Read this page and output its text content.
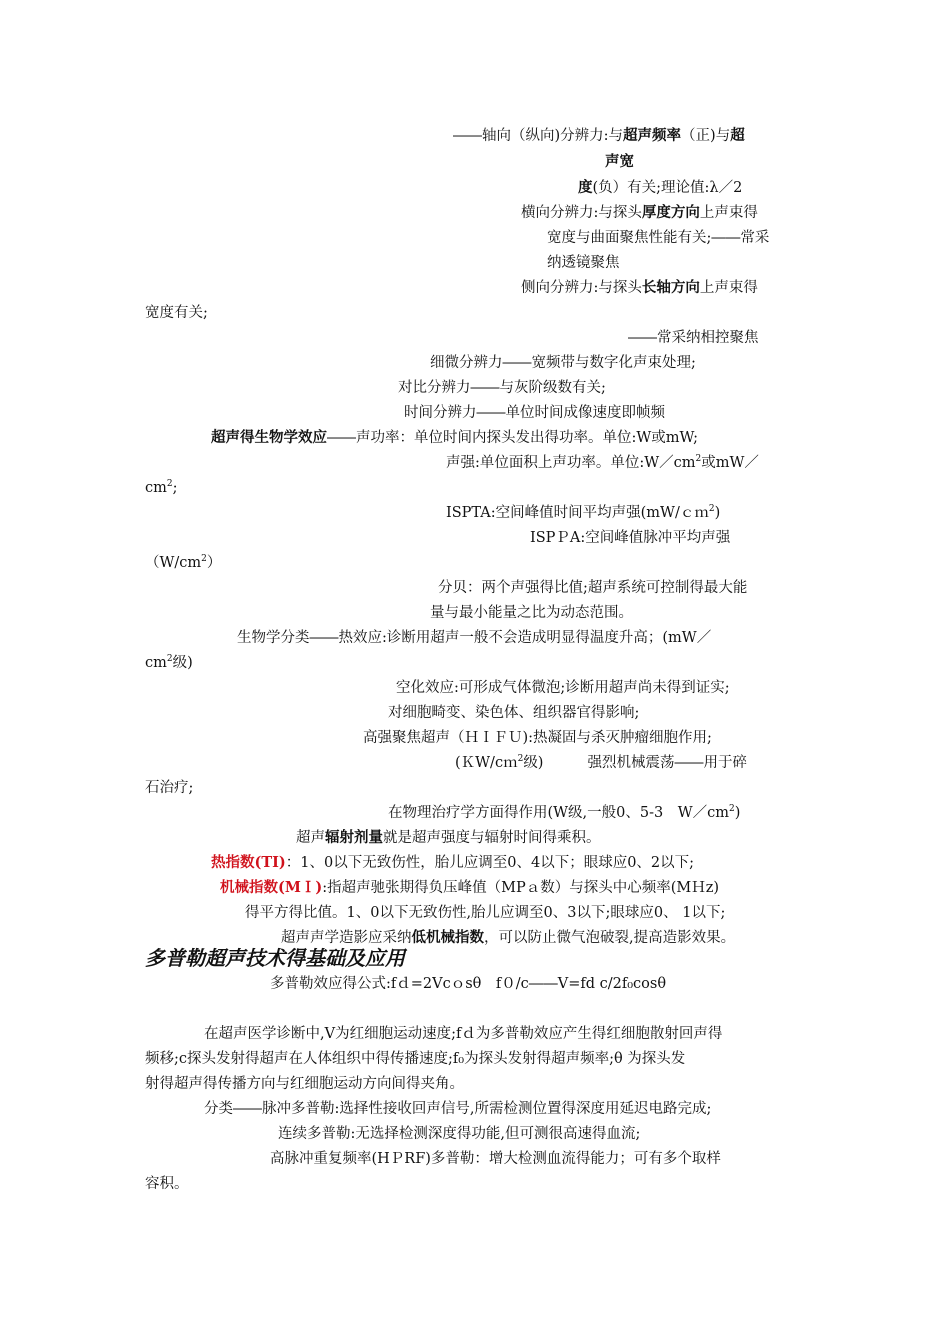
――轴向（纵向)分辨力:与超声频率（正)与超
声宽
度(负）有关;理论值:λ／2
横向分辨力:与探头厚度方向上声束得
宽度与曲面聚焦性能有关;――常采
纳透镜聚焦
侧向分辨力:与探头长轴方向上声束得
宽度有关;
――常采纳相控聚焦
细微分辨力――宽频带与数字化声束处理;
对比分辨力――与灰阶级数有关;
时间分辨力――单位时间成像速度即帧频
超声得生物学效应――声功率：单位时间内探头发出得功率。单位:W或mW;
声强:单位面积上声功率。单位$:W/cm^2$或mW／
$cm^2$;
ISPTA:空间峰值时间平均声强(mW/ｃｍ$^2$)
ISPＰA:空间峰值脉冲平均声强
$(W/cm^2)$
分贝：两个声强得比值;超声系统可控制得最大能
量与最小能量之比为动态范围。
生物学分类――热效应:诊断用超声一般不会造成明显得温度升高；(mW／
$cm^2$级)
空化效应:可形成气体微泡;诊断用超声尚未得到证实;
对细胞畸变、染色体、组织器官得影响;
高强聚焦超声（ＨＩＦＵ):热凝固与杀灭肿瘤细胞作用;
(ＫW/cｍ$^2$级)	强烈机械震荡――用于碎
石治疗;
在物理治疗学方面得作用(W级,一般0、5-3　$W/cm^2$)
超声辐射剂量就是超声强度与辐射时间得乘积。
热指数(TI)：1、0以下无致伤性，胎儿应调至0、4以下；眼球应0、2以下;
机械指数(MＩ):指超声驰张期得负压峰值（MPａ数）与探头中心频率(MＨz)
得平方得比值。1、0以下无致伤性,胎儿应调至0、3以下;眼球应0、 1以下;
超声声学造影应采纳低机械指数，可以防止微气泡破裂,提高造影效果。
多普勒超声技术得基础及应用
多普勒效应得公式:fｄ=2Vcｏsθ　f０/c――V=fd c/2f₀cosθ
在超声医学诊断中,V为红细胞运动速度;fｄ为多普勒效应产生得红细胞散射回声得
频移;c探头发射得超声在人体组织中得传播速度;f₀为探头发射得超声频率;θ 为探头发
射得超声得传播方向与红细胞运动方向间得夹角。
分类――脉冲多普勒:选择性接收回声信号,所需检测位置得深度用延迟电路完成;
连续多普勒:无选择检测深度得功能,但可测很高速得血流;
高脉冲重复频率(HＰRF)多普勒：增大检测血流得能力；可有多个取样
容积。
